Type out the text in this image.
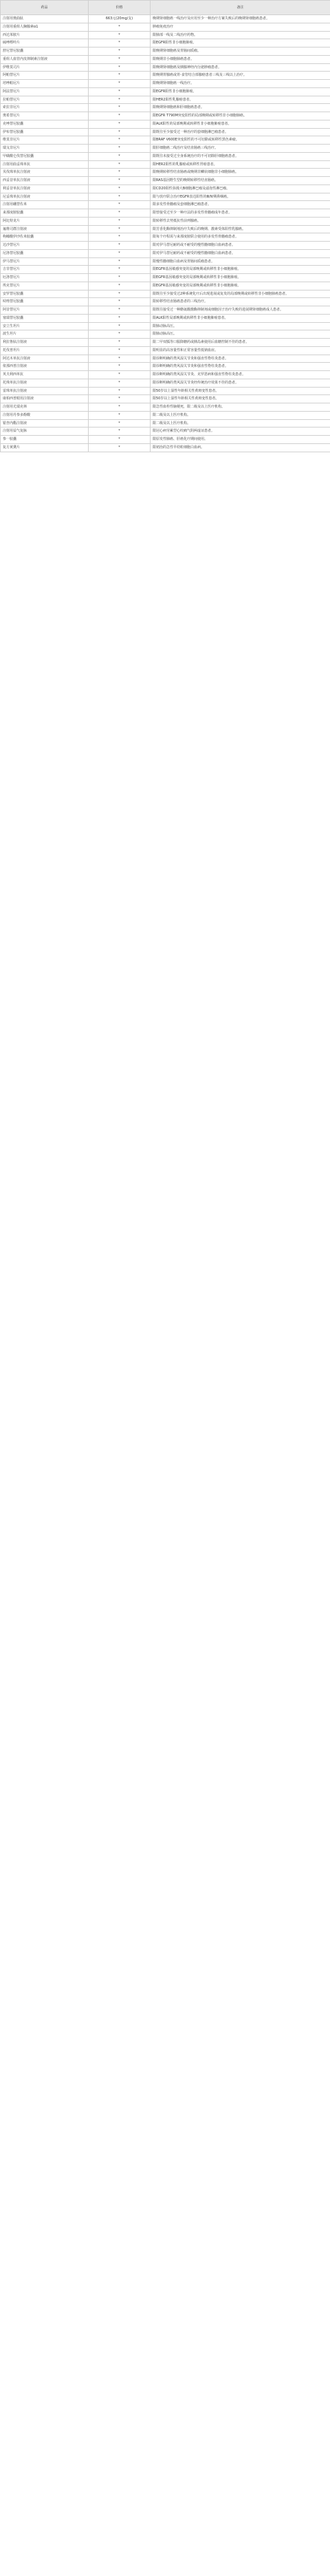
药品	价格	备注
注射用奥曲肽	663元(20mg/支)	晚期肾细胞癌一线治疗及应用至少一种治疗方案失败后的晚期肾细胞癌患者。
注射用重组人胸腺素α1	*	肿瘤免疫治疗
西达苯胺片	*	限肺部一线及二线治疗药物。
硫唑嘌呤片	*	限EGFR阳性非小细胞肺癌。
舒尼替尼胶囊	*	限晚期肾细胞癌及胃肠间质瘤。
重组人血管内皮抑制素注射液	*	限晚期非小细胞肺癌患者。
伊维莫司片	*	限晚期肾细胞癌及胰腺神经内分泌肿瘤患者。
阿帕替尼片	*	限晚期胃腺癌或胃-食管结合部腺癌患者三线及三线以上治疗。
培唑帕尼片	*	限晚期肾细胞癌一线治疗。
阿法替尼片	*	限EGFR阳性非小细胞肺癌。
拉帕替尼片	*	限HER2阳性乳腺癌患者。
索拉非尼片	*	限晚期肾细胞癌和肝细胞癌患者。
奥希替尼片	*	限EGFR T790M突变阳性的局部晚期或转移性非小细胞肺癌。
克唑替尼胶囊	*	限ALK阳性的局部晚期或转移性非小细胞肺癌患者。
伊布替尼胶囊	*	限既往至少接受过一种治疗的套细胞淋巴瘤患者。
维莫非尼片	*	限BRAF V600E突变阳性的不可切除或转移性黑色素瘤。
瑞戈非尼片	*	限肝细胞癌二线治疗及结直肠癌三线治疗。
甲磺酸仑伐替尼胶囊	*	限既往未接受过全身系统治疗的不可切除肝细胞癌患者。
注射用曲妥珠单抗	*	限HER2阳性的乳腺癌或转移性胃癌患者。
贝伐珠单抗注射液	*	限晚期转移性结直肠癌或晚期非鳞状细胞非小细胞肺癌。
西妥昔单抗注射液	*	限RAS基因野生型的晚期转移性结直肠癌。
利妥昔单抗注射液	*	限CD20阳性弥漫大B细胞淋巴瘤及滤泡性淋巴瘤。
尼妥珠单抗注射液	*	限与放疗联合治疗EGFR表达阳性的Ⅲ/Ⅳ期鼻咽癌。
注射用硼替佐米	*	限多发性骨髓瘤及套细胞淋巴瘤患者。
来那度胺胶囊	*	限曾接受过至少一种疗法的多发性骨髓瘤成年患者。
阿比特龙片	*	限转移性去势抵抗性前列腺癌。
氟维司群注射液	*	限芳香化酶抑制剂治疗失败后的晚期、激素受体阳性乳腺癌。
枸橼酸伊沙佐米胶囊	*	限每个疗程需与来那度胺联合使用的多发性骨髓瘤患者。
达沙替尼片	*	限对伊马替尼耐药或不耐受的慢性髓细胞白血病患者。
尼洛替尼胶囊	*	限对伊马替尼耐药或不耐受的慢性髓细胞白血病患者。
伊马替尼片	*	限慢性髓细胞白血病及胃肠间质瘤患者。
吉非替尼片	*	限EGFR基因敏感突变的局部晚期或转移性非小细胞肺癌。
厄洛替尼片	*	限EGFR基因敏感突变的局部晚期或转移性非小细胞肺癌。
埃克替尼片	*	限EGFR基因敏感突变的局部晚期或转移性非小细胞肺癌。
安罗替尼胶囊	*	限既往至少接受过2种系统化疗后出现进展或复发的局部晚期或转移性非小细胞肺癌患者。
呋喹替尼胶囊	*	限转移性结直肠癌患者的三线治疗。
阿昔替尼片	*	限既往接受过一种酪氨酸激酶抑制剂或细胞因子治疗失败的进展期肾细胞癌成人患者。
塞瑞替尼胶囊	*	限ALK阳性局部晚期或转移性非小细胞肺癌患者。
安立生坦片	*	限肺动脉高压。
波生坦片	*	限肺动脉高压。
利拉鲁肽注射液	*	限二甲双胍等口服降糖药或胰岛素使用后血糖控制不佳的患者。
托伐普坦片	*	限明显的高容量性和正常容量性低钠血症。
阿达木单抗注射液	*	限诊断明确的类风湿关节炎和强直性脊柱炎患者。
依那西普注射液	*	限诊断明确的类风湿关节炎和强直性脊柱炎患者。
英夫利西单抗	*	限诊断明确的类风湿关节炎、克罗恩病和强直性脊柱炎患者。
托珠单抗注射液	*	限诊断明确的类风湿关节炎经传统治疗效果不佳的患者。
雷珠单抗注射液	*	限50岁以上湿性年龄相关性黄斑变性患者。
康柏西普眼用注射液	*	限50岁以上湿性年龄相关性黄斑变性患者。
注射用尤瑞克林	*	限急性血栓性脑梗死，限二级及以上医疗机构。
注射用丹参多酚酸	*	限二级及以上医疗机构。
银杏内酯注射液	*	限二级及以上医疗机构。
注射用益气复脉	*	限冠心病劳累型心绞痛气阴两虚证患者。
参一胶囊	*	限原发性肺癌、肝癌化疗期间使用。
复方黄黛片	*	限初治的急性早幼粒细胞白血病。
